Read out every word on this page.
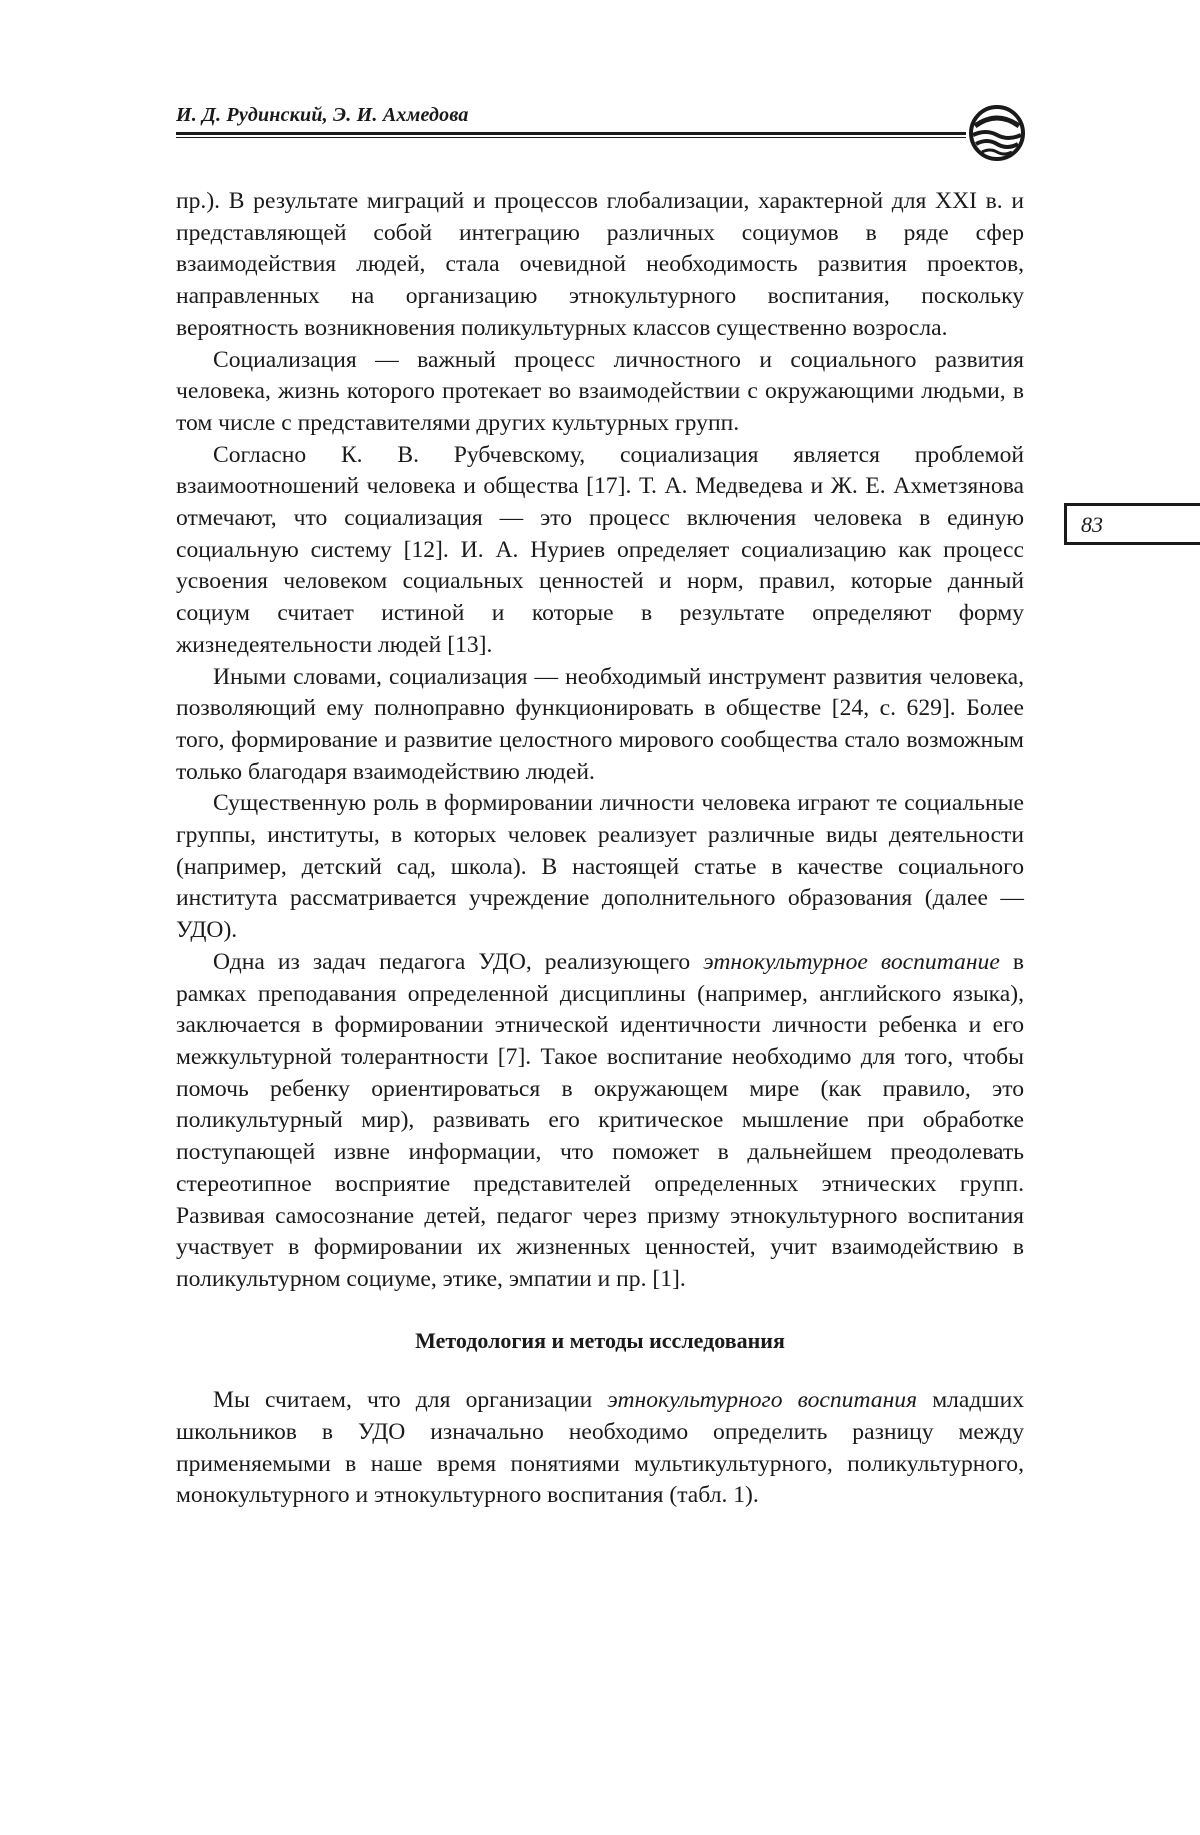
И. Д. Рудинский, Э. И. Ахмедова
83

пр.). В результате миграций и процессов глобализации, характерной для XXI в. и представляющей собой интеграцию различных социумов в ряде сфер взаимодействия людей, стала очевидной необходимость развития проектов, направленных на организацию этнокультурного воспитания, поскольку вероятность возникновения поликультурных классов существенно возросла.

Социализация — важный процесс личностного и социального развития человека, жизнь которого протекает во взаимодействии с окружающими людьми, в том числе с представителями других культурных групп.

Согласно К. В. Рубчевскому, социализация является проблемой взаимоотношений человека и общества [17]. Т. А. Медведева и Ж. Е. Ахметзянова отмечают, что социализация — это процесс включения человека в единую социальную систему [12]. И. А. Нуриев определяет социализацию как процесс усвоения человеком социальных ценностей и норм, правил, которые данный социум считает истиной и которые в результате определяют форму жизнедеятельности людей [13].

Иными словами, социализация — необходимый инструмент развития человека, позволяющий ему полноправно функционировать в обществе [24, с. 629]. Более того, формирование и развитие целостного мирового сообщества стало возможным только благодаря взаимодействию людей.

Существенную роль в формировании личности человека играют те социальные группы, институты, в которых человек реализует различные виды деятельности (например, детский сад, школа). В настоящей статье в качестве социального института рассматривается учреждение дополнительного образования (далее — УДО).

Одна из задач педагога УДО, реализующего этнокультурное воспитание в рамках преподавания определенной дисциплины (например, английского языка), заключается в формировании этнической идентичности личности ребенка и его межкультурной толерантности [7]. Такое воспитание необходимо для того, чтобы помочь ребенку ориентироваться в окружающем мире (как правило, это поликультурный мир), развивать его критическое мышление при обработке поступающей извне информации, что поможет в дальнейшем преодолевать стереотипное восприятие представителей определенных этнических групп. Развивая самосознание детей, педагог через призму этнокультурного воспитания участвует в формировании их жизненных ценностей, учит взаимодействию в поликультурном социуме, этике, эмпатии и пр. [1].

Методология и методы исследования

Мы считаем, что для организации этнокультурного воспитания младших школьников в УДО изначально необходимо определить разницу между применяемыми в наше время понятиями мультикультурного, поликультурного, монокультурного и этнокультурного воспитания (табл. 1).
